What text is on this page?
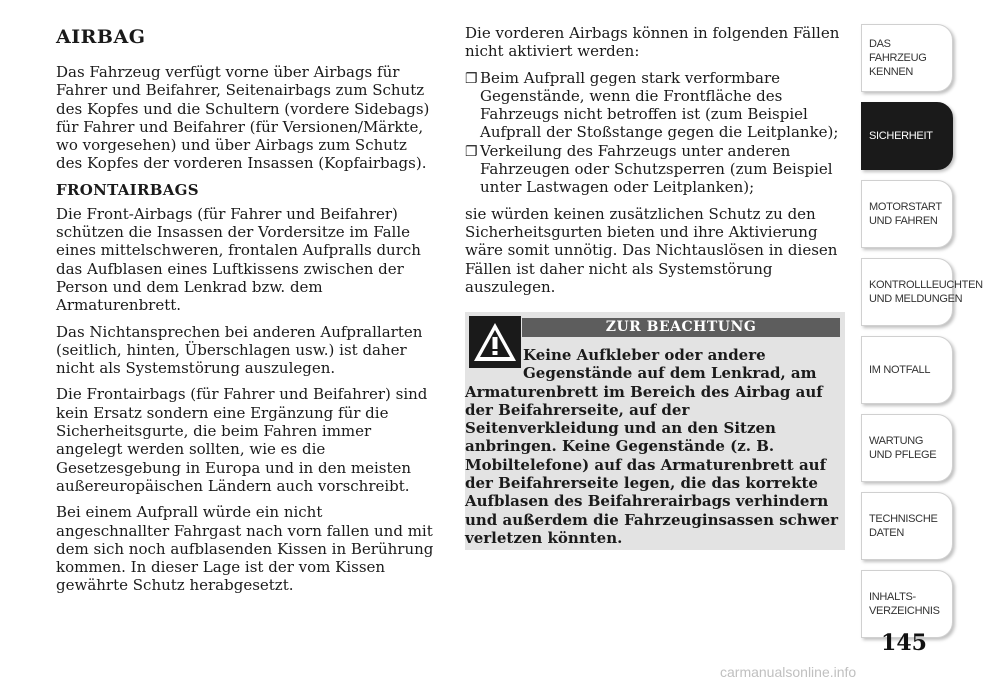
AIRBAG

Das Fahrzeug verfügt vorne über Airbags für Fahrer und Beifahrer, Seitenairbags zum Schutz des Kopfes und die Schultern (vordere Sidebags) für Fahrer und Beifahrer (für Versionen/Märkte, wo vorgesehen) und über Airbags zum Schutz des Kopfes der vorderen Insassen (Kopfairbags).

FRONTAIRBAGS

Die Front-Airbags (für Fahrer und Beifahrer) schützen die Insassen der Vordersitze im Falle eines mittelschweren, frontalen Aufpralls durch das Aufblasen eines Luftkissens zwischen der Person und dem Lenkrad bzw. dem Armaturenbrett.

Das Nichtansprechen bei anderen Aufprallarten (seitlich, hinten, Überschlagen usw.) ist daher nicht als Systemstörung auszulegen.

Die Frontairbags (für Fahrer und Beifahrer) sind kein Ersatz sondern eine Ergänzung für die Sicherheitsgurte, die beim Fahren immer angelegt werden sollten, wie es die Gesetzesgebung in Europa und in den meisten außereuropäischen Ländern auch vorschreibt.

Bei einem Aufprall würde ein nicht angeschnallter Fahrgast nach vorn fallen und mit dem sich noch aufblasenden Kissen in Berührung kommen. In dieser Lage ist der vom Kissen gewährte Schutz herabgesetzt.

Die vorderen Airbags können in folgenden Fällen nicht aktiviert werden:

❐ Beim Aufprall gegen stark verformbare Gegenstände, wenn die Frontfläche des Fahrzeugs nicht betroffen ist (zum Beispiel Aufprall der Stoßstange gegen die Leitplanke);
❐ Verkeilung des Fahrzeugs unter anderen Fahrzeugen oder Schutzsperren (zum Beispiel unter Lastwagen oder Leitplanken);

sie würden keinen zusätzlichen Schutz zu den Sicherheitsgurten bieten und ihre Aktivierung wäre somit unnötig. Das Nichtauslösen in diesen Fällen ist daher nicht als Systemstörung auszulegen.

ZUR BEACHTUNG
Keine Aufkleber oder andere
Gegenstände auf dem Lenkrad, am
Armaturenbrett im Bereich des Airbag auf
der Beifahrerseite, auf der
Seitenverkleidung und an den Sitzen
anbringen. Keine Gegenstände (z. B.
Mobiltelefone) auf das Armaturenbrett auf
der Beifahrerseite legen, die das korrekte
Aufblasen des Beifahrerairbags verhindern
und außerdem die Fahrzeuginsassen schwer
verletzen könnten.
DAS FAHRZEUG KENNEN
SICHERHEIT
MOTORSTART UND FAHREN
KONTROLLLEUCHTEN UND MELDUNGEN
IM NOTFALL
WARTUNG UND PFLEGE
TECHNISCHE DATEN
INHALTS-VERZEICHNIS
145
carmanualsonline.info
